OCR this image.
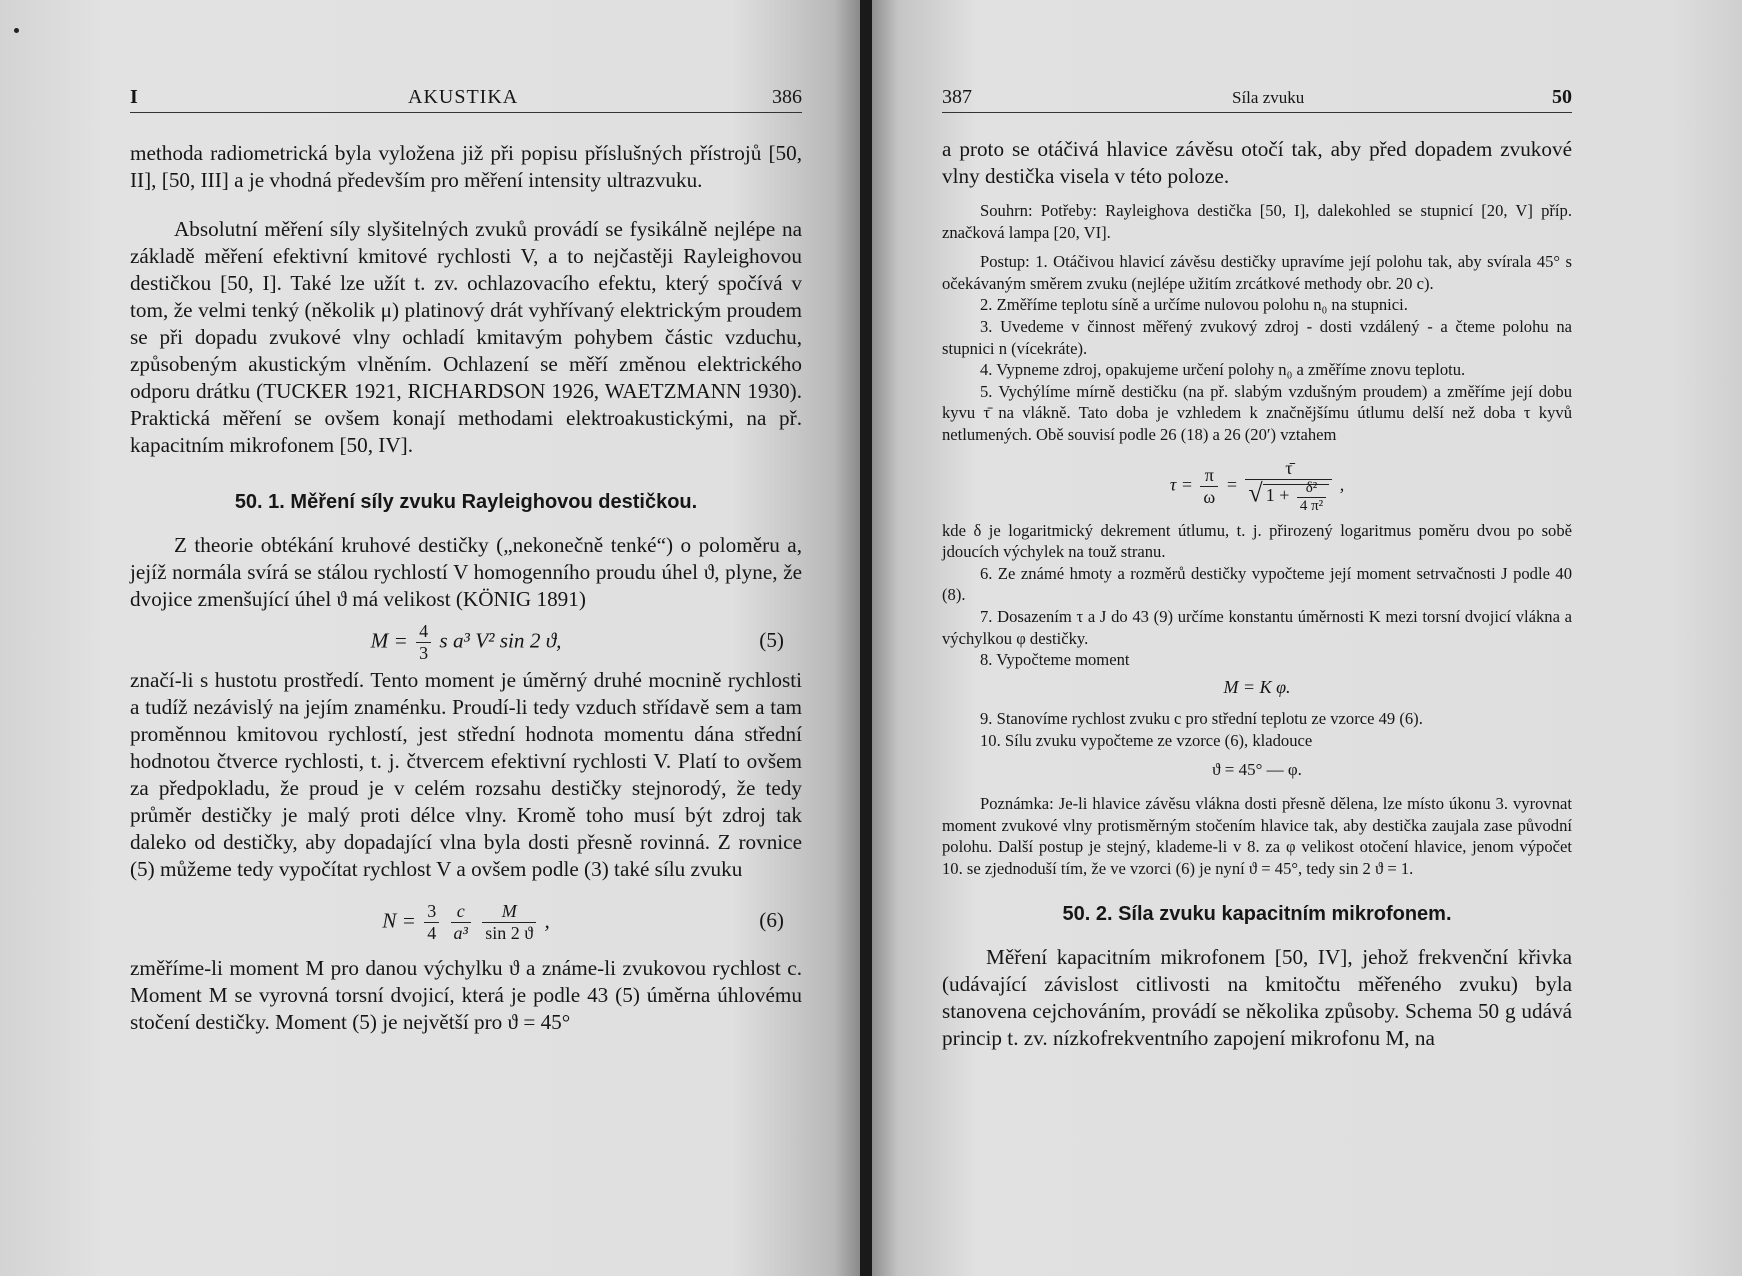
I	AKUSTIKA	386

methoda radiometrická byla vyložena již při popisu příslušných přístrojů [50, II], [50, III] a je vhodná především pro měření intensity ultrazvuku.

Absolutní měření síly slyšitelných zvuků provádí se fysikálně nejlépe na základě měření efektivní kmitové rychlosti V, a to nejčastěji Rayleighovou destičkou [50, I]. Také lze užít t. zv. ochlazovacího efektu, který spočívá v tom, že velmi tenký (několik μ) platinový drát vyhřívaný elektrickým proudem se při dopadu zvukové vlny ochladí kmitavým pohybem částic vzduchu, způsobeným akustickým vlněním. Ochlazení se měří změnou elektrického odporu drátku (TUCKER 1921, RICHARDSON 1926, WAETZMANN 1930). Praktická měření se ovšem konají methodami elektroakustickými, na př. kapacitním mikrofonem [50, IV].

50. 1. Měření síly zvuku Rayleighovou destičkou.

Z theorie obtékání kruhové destičky („nekonečně tenké“) o poloměru a, jejíž normála svírá se stálou rychlostí V homogenního proudu úhel ϑ, plyne, že dvojice zmenšující úhel ϑ má velikost (KÖNIG 1891)

$M = \frac{4}{3}$ s a³ V² sin 2 ϑ,	(5)

značí-li s hustotu prostředí. Tento moment je úměrný druhé mocnině rychlosti a tudíž nezávislý na jejím znaménku. Proudí-li tedy vzduch střídavě sem a tam proměnnou kmitovou rychlostí, jest střední hodnota momentu dána střední hodnotou čtverce rychlosti, t. j. čtvercem efektivní rychlosti V. Platí to ovšem za předpokladu, že proud je v celém rozsahu destičky stejnorodý, že tedy průměr destičky je malý proti délce vlny. Kromě toho musí být zdroj tak daleko od destičky, aby dopadající vlna byla dosti přesně rovinná. Z rovnice (5) můžeme tedy vypočítat rychlost V a ovšem podle (3) také sílu zvuku

$N = \frac{3}{4}$
$\frac{c}{\text{a³}}$
$\frac{M}{\sin 2 ϑ}$ ,	(6)

změříme-li moment M pro danou výchylku ϑ a známe-li zvukovou rychlost c. Moment M se vyrovná torsní dvojicí, která je podle 43 (5) úměrna úhlovému stočení destičky. Moment (5) je největší pro ϑ = 45°

387	Síla zvuku	50

a proto se otáčivá hlavice závěsu otočí tak, aby před dopadem zvukové vlny destička visela v této poloze.

Souhrn: Potřeby: Rayleighova destička [50, I], dalekohled se stupnicí [20, V] příp. značková lampa [20, VI].

Postup: 1. Otáčivou hlavicí závěsu destičky upravíme její polohu tak, aby svírala 45° s očekávaným směrem zvuku (nejlépe užitím zrcátkové methody obr. 20 c).

2. Změříme teplotu síně a určíme nulovou polohu n₀ na stupnici.

3. Uvedeme v činnost měřený zvukový zdroj - dosti vzdálený - a čteme polohu na stupnici n (vícekráte).

4. Vypneme zdroj, opakujeme určení polohy n₀ a změříme znovu teplotu.

5. Vychýlíme mírně destičku (na př. slabým vzdušným proudem) a změříme její dobu kyvu τ̄ na vlákně. Tato doba je vzhledem k značnějšímu útlumu delší než doba τ kyvů netlumených. Obě souvisí podle 26 (18) a 26 (20′) vztahem

$\tau = \frac{\pi}{\omega}$ =
τ̄
√ $1 + \frac{\text{δ²}}{\text{4 π²}}$ ,

kde δ je logaritmický dekrement útlumu, t. j. přirozený logaritmus poměru dvou po sobě jdoucích výchylek na touž stranu.

6. Ze známé hmoty a rozměrů destičky vypočteme její moment setrvačnosti J podle 40 (8).

7. Dosazením τ a J do 43 (9) určíme konstantu úměrnosti K mezi torsní dvojicí vlákna a výchylkou φ destičky.

8. Vypočteme moment

M = K φ.

9. Stanovíme rychlost zvuku c pro střední teplotu ze vzorce 49 (6).

10. Sílu zvuku vypočteme ze vzorce (6), kladouce

ϑ = 45° — φ.

Poznámka: Je-li hlavice závěsu vlákna dosti přesně dělena, lze místo úkonu 3. vyrovnat moment zvukové vlny protisměrným stočením hlavice tak, aby destička zaujala zase původní polohu. Další postup je stejný, klademe-li v 8. za φ velikost otočení hlavice, jenom výpočet 10. se zjednoduší tím, že ve vzorci (6) je nyní ϑ = 45°, tedy sin 2 ϑ = 1.

50. 2. Síla zvuku kapacitním mikrofonem.

Měření kapacitním mikrofonem [50, IV], jehož frekvenční křivka (udávající závislost citlivosti na kmitočtu měřeného zvuku) byla stanovena cejchováním, provádí se několika způsoby. Schema 50 g udává princip t. zv. nízkofrekventního zapojení mikrofonu M, na
